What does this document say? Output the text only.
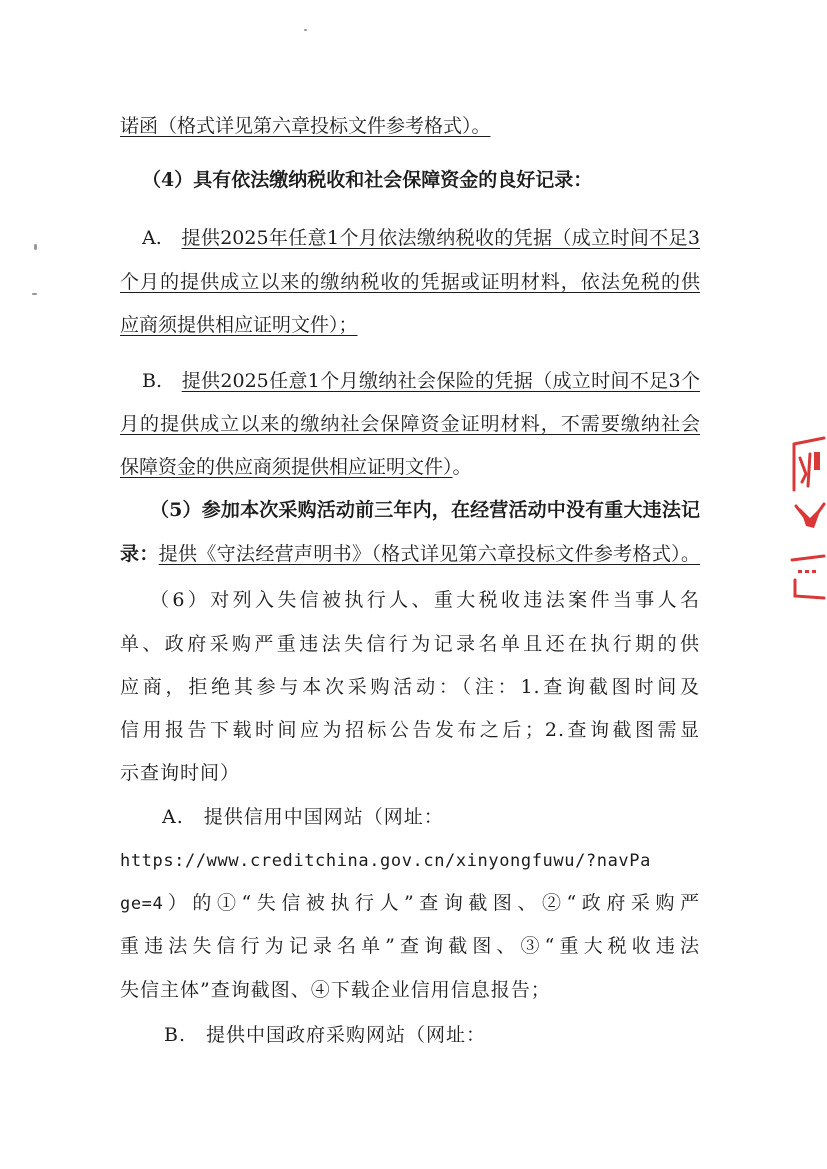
诺函（格式详见第六章投标文件参考格式）。

（4）具有依法缴纳税收和社会保障资金的良好记录：

A.　提供2025年任意1个月依法缴纳税收的凭据（成立时间不足3

个月的提供成立以来的缴纳税收的凭据或证明材料，依法免税的供

应商须提供相应证明文件）；

B.　提供2025任意1个月缴纳社会保险的凭据（成立时间不足3个

月的提供成立以来的缴纳社会保障资金证明材料，不需要缴纳社会

保障资金的供应商须提供相应证明文件）。

（5）参加本次采购活动前三年内，在经营活动中没有重大违法记

录：提供《守法经营声明书》（格式详见第六章投标文件参考格式）。

（6）对列入失信被执行人、重大税收违法案件当事人名

单、政府采购严重违法失信行为记录名单且还在执行期的供

应商，拒绝其参与本次采购活动：（注：1.查询截图时间及

信用报告下载时间应为招标公告发布之后；2.查询截图需显

示查询时间）

A.　提供信用中国网站（网址：

https://www.creditchina.gov.cn/xinyongfuwu/?navPa

ge=4）的①“失信被执行人”查询截图、②“政府采购严

重违法失信行为记录名单”查询截图、③“重大税收违法

失信主体”查询截图、④下载企业信用信息报告；

B.　提供中国政府采购网站（网址：
